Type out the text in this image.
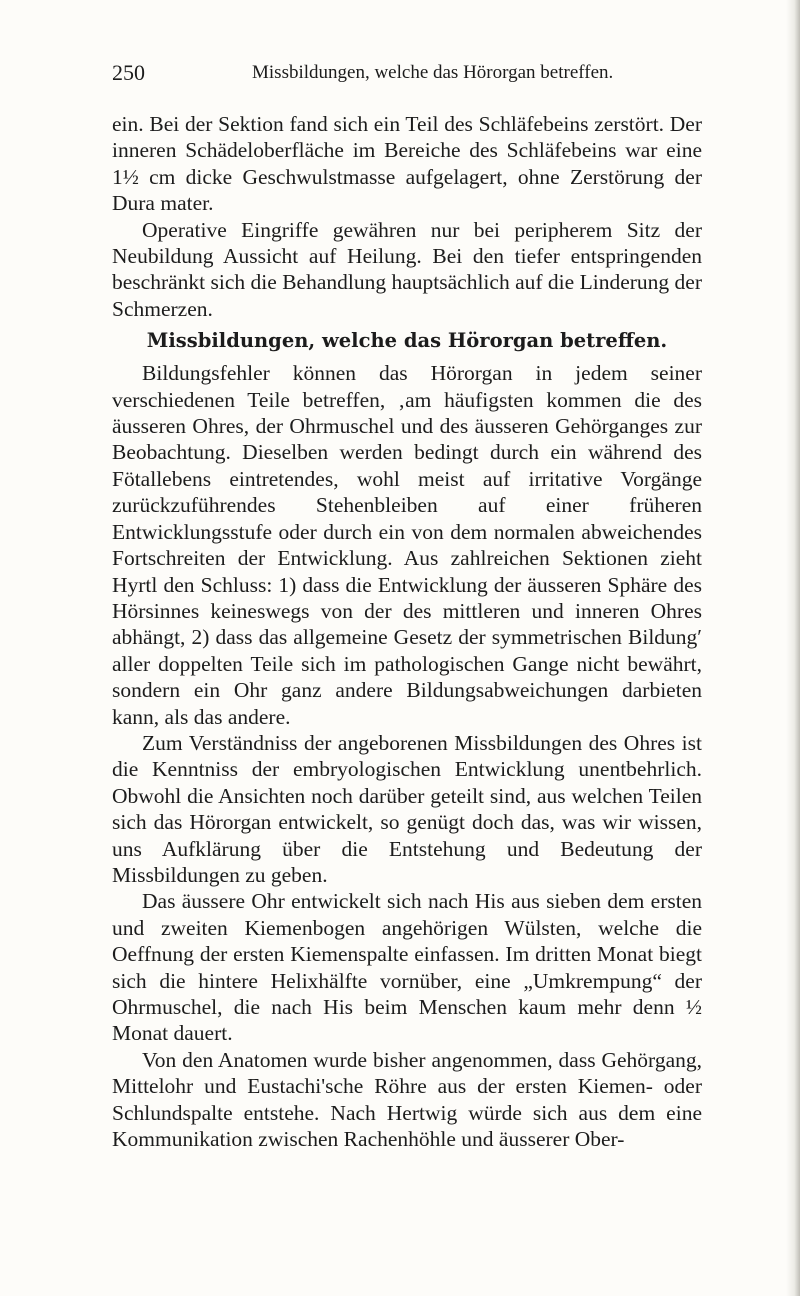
250	Missbildungen, welche das Hörorgan betreffen.

ein. Bei der Sektion fand sich ein Teil des Schläfebeins zerstört. Der inneren Schädeloberfläche im Bereiche des Schläfebeins war eine 1½ cm dicke Geschwulstmasse aufgelagert, ohne Zerstörung der Dura mater.

Operative Eingriffe gewähren nur bei peripherem Sitz der Neubildung Aussicht auf Heilung. Bei den tiefer entspringenden beschränkt sich die Behandlung hauptsächlich auf die Linderung der Schmerzen.

Missbildungen, welche das Hörorgan betreffen.

Bildungsfehler können das Hörorgan in jedem seiner verschiedenen Teile betreffen, ‚am häufigsten kommen die des äusseren Ohres, der Ohrmuschel und des äusseren Gehörganges zur Beobachtung. Dieselben werden bedingt durch ein während des Fötallebens eintretendes, wohl meist auf irritative Vorgänge zurückzuführendes Stehenbleiben auf einer früheren Entwicklungsstufe oder durch ein von dem normalen abweichendes Fortschreiten der Entwicklung. Aus zahlreichen Sektionen zieht Hyrtl den Schluss: 1) dass die Entwicklung der äusseren Sphäre des Hörsinnes keineswegs von der des mittleren und inneren Ohres abhängt, 2) dass das allgemeine Gesetz der symmetrischen Bildung′ aller doppelten Teile sich im pathologischen Gange nicht bewährt, sondern ein Ohr ganz andere Bildungsabweichungen darbieten kann, als das andere.

Zum Verständniss der angeborenen Missbildungen des Ohres ist die Kenntniss der embryologischen Entwicklung unentbehrlich. Obwohl die Ansichten noch darüber geteilt sind, aus welchen Teilen sich das Hörorgan entwickelt, so genügt doch das, was wir wissen, uns Aufklärung über die Entstehung und Bedeutung der Missbildungen zu geben.

Das äussere Ohr entwickelt sich nach His aus sieben dem ersten und zweiten Kiemenbogen angehörigen Wülsten, welche die Oeffnung der ersten Kiemenspalte einfassen. Im dritten Monat biegt sich die hintere Helixhälfte vornüber, eine „Umkrempung“ der Ohrmuschel, die nach His beim Menschen kaum mehr denn ½ Monat dauert.

Von den Anatomen wurde bisher angenommen, dass Gehörgang, Mittelohr und Eustachi'sche Röhre aus der ersten Kiemen- oder Schlundspalte entstehe. Nach Hertwig würde sich aus dem eine Kommunikation zwischen Rachenhöhle und äusserer Ober-
